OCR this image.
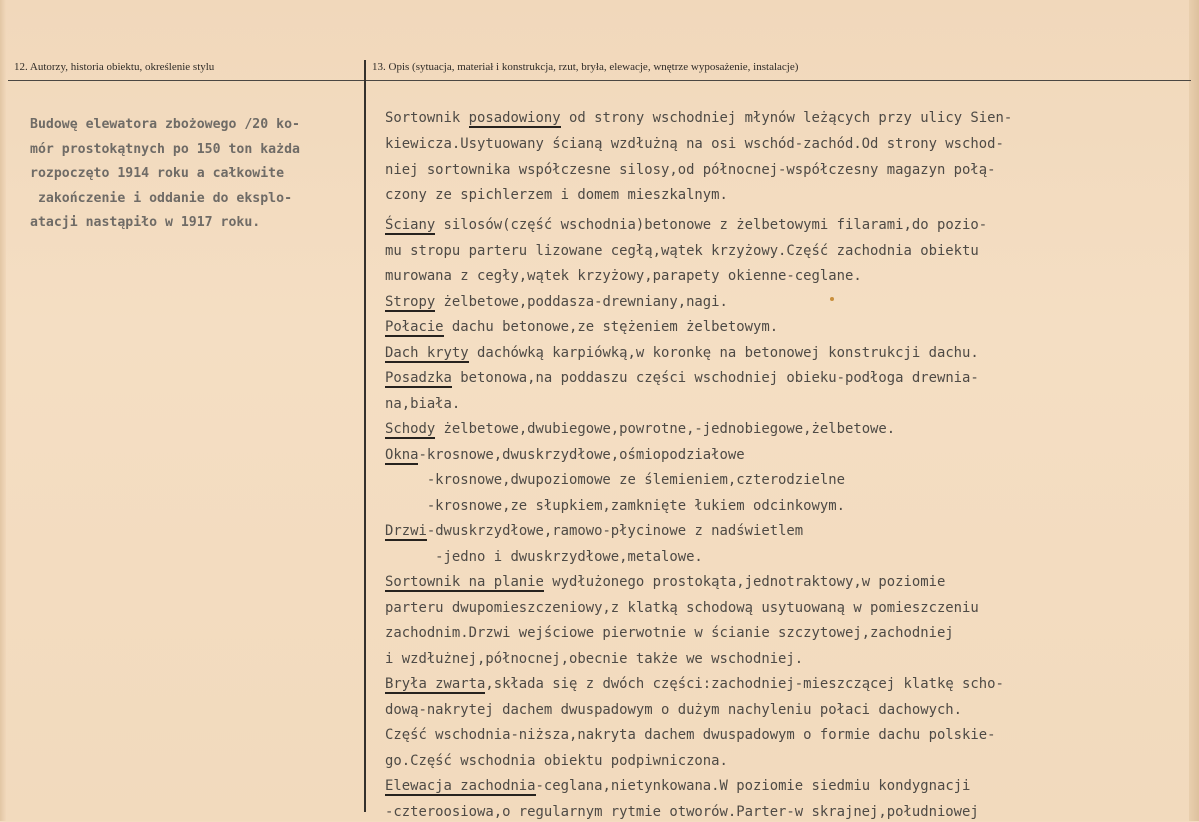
12. Autorzy, historia obiektu, określenie stylu	13. Opis (sytuacja, materiał i konstrukcja, rzut, bryła, elewacje, wnętrze wyposażenie, instalacje)
Budowę elewatora zbożowego /20 ko-
mór prostokątnych po 150 ton każda
rozpoczęto 1914 roku a całkowite
zakończenie i oddanie do eksplo-
atacji nastąpiło w 1917 roku.
Sortownik posadowiony od strony wschodniej młynów leżących przy ulicy Sien-
kiewicza.Usytuowany ścianą wzdłużną na osi wschód-zachód.Od strony wschod-
niej sortownika współczesne silosy,od północnej-współczesny magazyn połą-
czony ze spichlerzem i domem mieszkalnym.
Ściany silosów(część wschodnia)betonowe z żelbetowymi filarami,do pozio-
mu stropu parteru lizowane cegłą,wątek krzyżowy.Część zachodnia obiektu
murowana z cegły,wątek krzyżowy,parapety okienne-ceglane.
Stropy żelbetowe,poddasza-drewniany,nagi.
Połacie dachu betonowe,ze stężeniem żelbetowym.
Dach kryty dachówką karpiówką,w koronkę na betonowej konstrukcji dachu.
Posadzka betonowa,na poddaszu części wschodniej obieku-podłoga drewnia-
na,biała.
Schody żelbetowe,dwubiegowe,powrotne,-jednobiegowe,żelbetowe.
Okna-krosnowe,dwuskrzydłowe,ośmiopodziałowe
-krosnowe,dwupoziomowe ze ślemieniem,czterodzielne
-krosnowe,ze słupkiem,zamknięte łukiem odcinkowym.
Drzwi-dwuskrzydłowe,ramowo-płycinowe z nadświetlem
-jedno i dwuskrzydłowe,metalowe.
Sortownik na planie wydłużonego prostokąta,jednotraktowy,w poziomie
parteru dwupomieszczeniowy,z klatką schodową usytuowaną w pomieszczeniu
zachodnim.Drzwi wejściowe pierwotnie w ścianie szczytowej,zachodniej
i wzdłużnej,północnej,obecnie także we wschodniej.
Bryła zwarta,składa się z dwóch części:zachodniej-mieszczącej klatkę scho-
dową-nakrytej dachem dwuspadowym o dużym nachyleniu połaci dachowych.
Część wschodnia-niższa,nakryta dachem dwuspadowym o formie dachu polskie-
go.Część wschodnia obiektu podpiwniczona.
Elewacja zachodnia-ceglana,nietynkowana.W poziomie siedmiu kondygnacji
-czteroosiowa,o regularnym rytmie otworów.Parter-w skrajnej,południowej
